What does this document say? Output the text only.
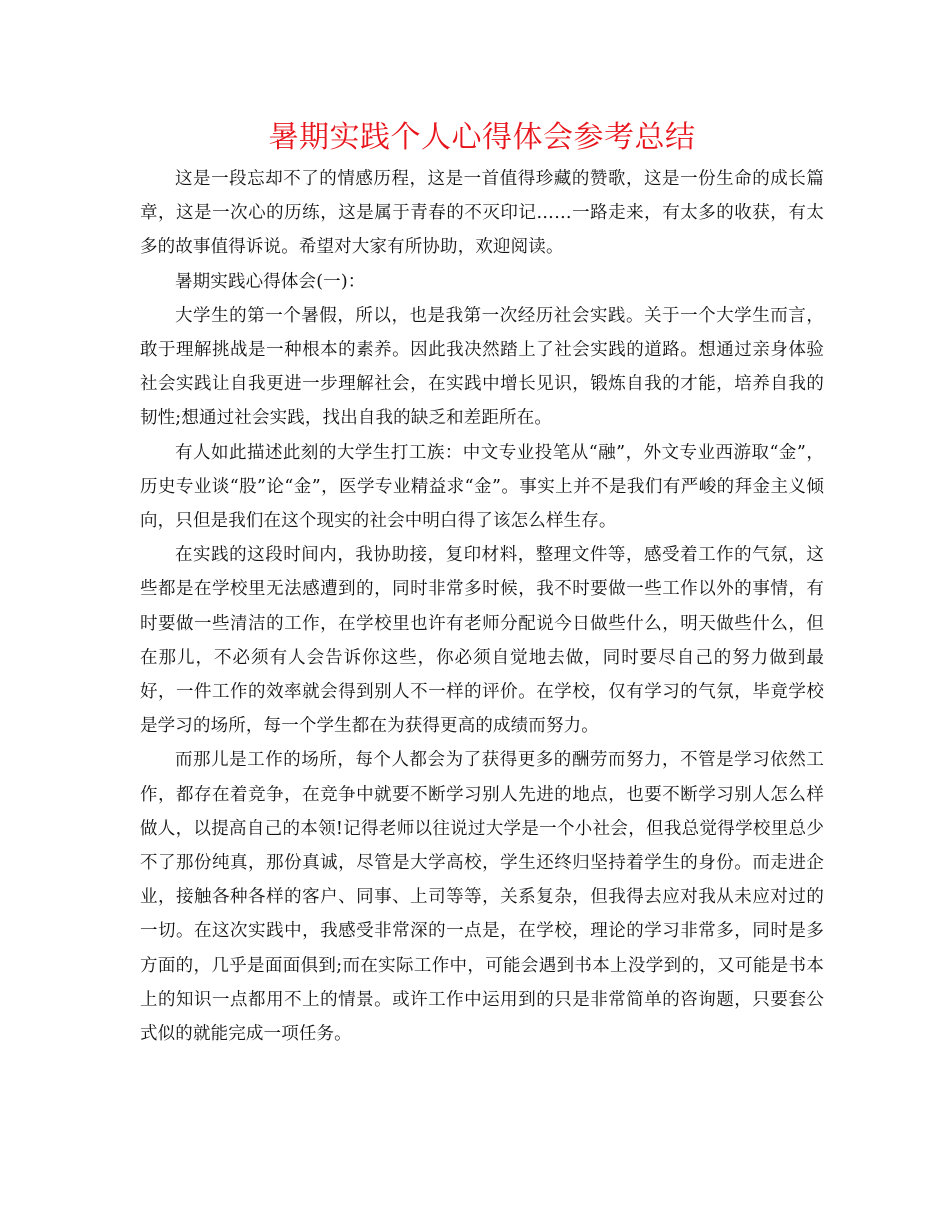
暑期实践个人心得体会参考总结

这是一段忘却不了的情感历程，这是一首值得珍藏的赞歌，这是一份生命的成长篇章，这是一次心的历练，这是属于青春的不灭印记……一路走来，有太多的收获，有太多的故事值得诉说。希望对大家有所协助，欢迎阅读。

暑期实践心得体会(一)：

大学生的第一个暑假，所以，也是我第一次经历社会实践。关于一个大学生而言，敢于理解挑战是一种根本的素养。因此我决然踏上了社会实践的道路。想通过亲身体验社会实践让自我更进一步理解社会，在实践中增长见识，锻炼自我的才能，培养自我的韧性;想通过社会实践，找出自我的缺乏和差距所在。

有人如此描述此刻的大学生打工族：中文专业投笔从“融”，外文专业西游取“金”，历史专业谈“股”论“金”，医学专业精益求“金”。事实上并不是我们有严峻的拜金主义倾向，只但是我们在这个现实的社会中明白得了该怎么样生存。

在实践的这段时间内，我协助接，复印材料，整理文件等，感受着工作的气氛，这些都是在学校里无法感遭到的，同时非常多时候，我不时要做一些工作以外的事情，有时要做一些清洁的工作，在学校里也许有老师分配说今日做些什么，明天做些什么，但在那儿，不必须有人会告诉你这些，你必须自觉地去做，同时要尽自己的努力做到最好，一件工作的效率就会得到别人不一样的评价。在学校，仅有学习的气氛，毕竟学校是学习的场所，每一个学生都在为获得更高的成绩而努力。

而那儿是工作的场所，每个人都会为了获得更多的酬劳而努力，不管是学习依然工作，都存在着竞争，在竞争中就要不断学习别人先进的地点，也要不断学习别人怎么样做人，以提高自己的本领!记得老师以往说过大学是一个小社会，但我总觉得学校里总少不了那份纯真，那份真诚，尽管是大学高校，学生还终归坚持着学生的身份。而走进企业，接触各种各样的客户、同事、上司等等，关系复杂，但我得去应对我从未应对过的一切。在这次实践中，我感受非常深的一点是，在学校，理论的学习非常多，同时是多方面的，几乎是面面俱到;而在实际工作中，可能会遇到书本上没学到的，又可能是书本上的知识一点都用不上的情景。或许工作中运用到的只是非常简单的咨询题，只要套公式似的就能完成一项任务。
